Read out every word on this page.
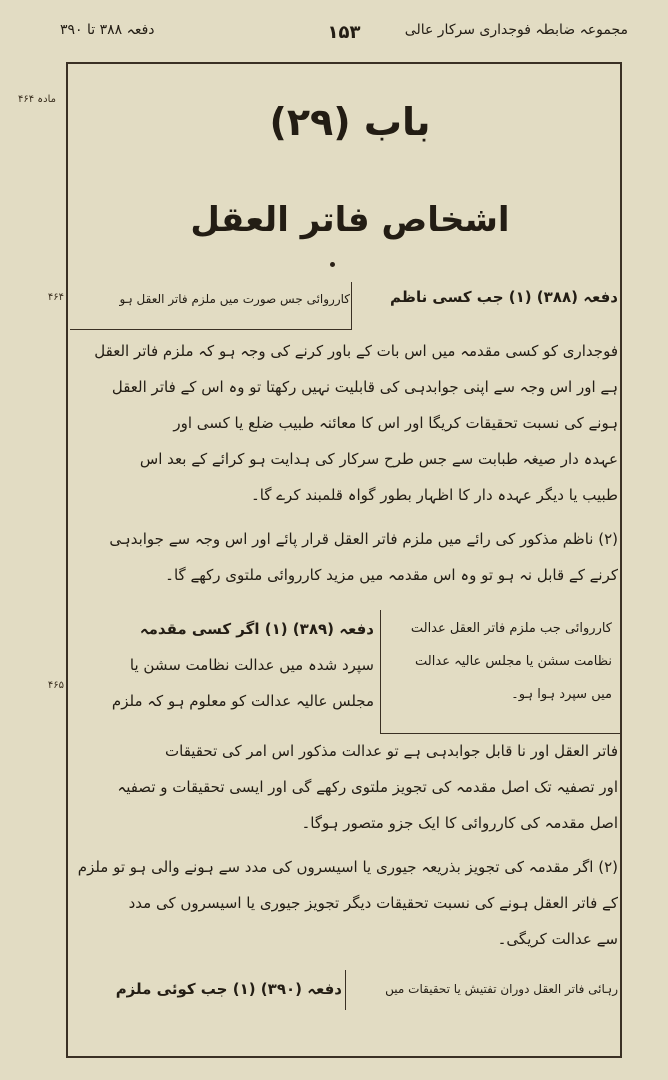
مجموعہ ضابطہ فوجداری سرکار عالی
۱۵۳
دفعہ ۳۸۸ تا ۳۹۰
مادہ ۴۶۴
۴۶۴
۴۶۵
باب (۲۹)
اشخاص فاتر العقل
کارروائی جس صورت میں ملزم فاتر العقل ہو	دفعہ (۳۸۸) (۱) جب کسی ناظم
فوجداری کو کسی مقدمہ میں اس بات کے باور کرنے کی وجہ ہو کہ ملزم فاتر العقل
ہے اور اس وجہ سے اپنی جوابدہی کی قابلیت نہیں رکھتا تو وہ اس کے فاتر العقل
ہونے کی نسبت تحقیقات کریگا اور اس کا معائنہ طبیب ضلع یا کسی اور
عہدہ دار صیغہ طبابت سے جس طرح سرکار کی ہدایت ہو کرائے کے بعد اس
طبیب یا دیگر عہدہ دار کا اظہار بطور گواہ قلمبند کرے گا۔
(۲) ناظم مذکور کی رائے میں ملزم فاتر العقل قرار پائے اور اس وجہ سے جوابدہی
کرنے کے قابل نہ ہو تو وہ اس مقدمہ میں مزید کارروائی ملتوی رکھے گا۔
کارروائی جب ملزم فاتر العقل عدالت نظامت سشن یا مجلس عالیہ عدالت میں سپرد ہوا ہو۔
دفعہ (۳۸۹) (۱) اگر کسی مقدمہ
سپرد شدہ میں عدالت نظامت سشن یا
مجلس عالیہ عدالت کو معلوم ہو کہ ملزم
فاتر العقل اور نا قابل جوابدہی ہے تو عدالت مذکور اس امر کی تحقیقات
اور تصفیہ تک اصل مقدمہ کی تجویز ملتوی رکھے گی اور ایسی تحقیقات و تصفیہ
اصل مقدمہ کی کارروائی کا ایک جزو متصور ہوگا۔
(۲) اگر مقدمہ کی تجویز بذریعہ جیوری یا اسیسروں کی مدد سے ہونے والی ہو تو ملزم
کے فاتر العقل ہونے کی نسبت تحقیقات دیگر تجویز جیوری یا اسیسروں کی مدد
سے عدالت کریگی۔
رہائی فاتر العقل دوران تفتیش یا تحقیقات میں
دفعہ (۳۹۰) (۱) جب کوئی ملزم
